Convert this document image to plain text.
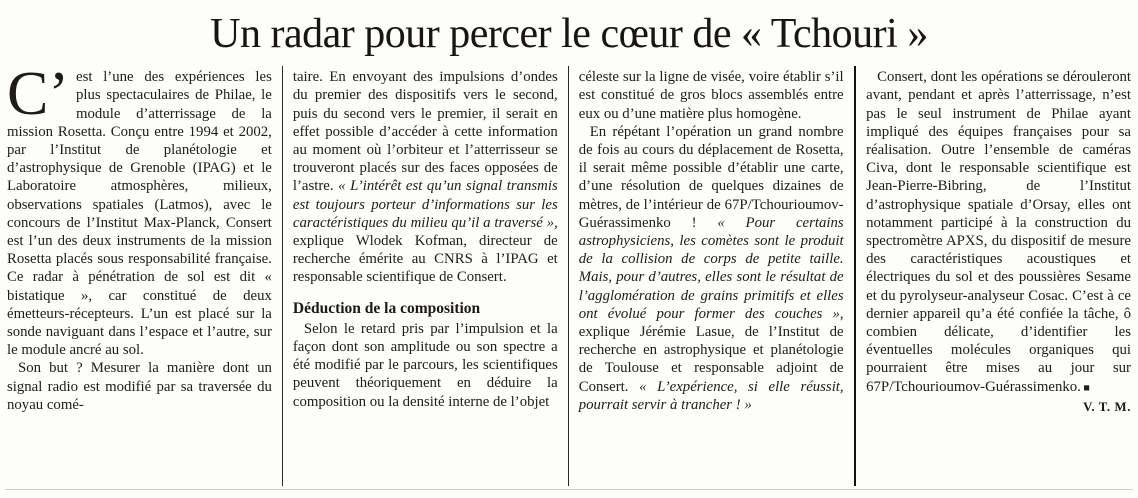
Un radar pour percer le cœur de « Tchouri »

C’ est l’une des expériences les plus spectaculaires de Philae, le module d’atterrissage de la mission Rosetta. Conçu entre 1994 et 2002, par l’Institut de planétologie et d’astrophysique de Grenoble (IPAG) et le Laboratoire atmosphères, milieux, observations spatiales (Latmos), avec le concours de l’Institut Max-Planck, Consert est l’un des deux instruments de la mission Rosetta placés sous responsabilité française. Ce radar à pénétration de sol est dit « bistatique », car constitué de deux émetteurs-récepteurs. L’un est placé sur la sonde naviguant dans l’espace et l’autre, sur le module ancré au sol.

Son but ? Mesurer la manière dont un signal radio est modifié par sa traversée du noyau comé-

taire. En envoyant des impulsions d’ondes du premier des dispositifs vers le second, puis du second vers le premier, il serait en effet possible d’accéder à cette information au moment où l’orbiteur et l’atterrisseur se trouveront placés sur des faces opposées de l’astre. « L’intérêt est qu’un signal transmis est toujours porteur d’informations sur les caractéristiques du milieu qu’il a traversé », explique Wlodek Kofman, directeur de recherche émérite au CNRS à l’IPAG et responsable scientifique de Consert.

Déduction de la composition

Selon le retard pris par l’impulsion et la façon dont son amplitude ou son spectre a été modifié par le parcours, les scientifiques peuvent théoriquement en déduire la composition ou la densité interne de l’objet

céleste sur la ligne de visée, voire établir s’il est constitué de gros blocs assemblés entre eux ou d’une matière plus homogène.

En répétant l’opération un grand nombre de fois au cours du déplacement de Rosetta, il serait même possible d’établir une carte, d’une résolution de quelques dizaines de mètres, de l’intérieur de 67P/Tchourioumov-Guérassimenko ! « Pour certains astrophysiciens, les comètes sont le produit de la collision de corps de petite taille. Mais, pour d’autres, elles sont le résultat de l’agglomération de grains primitifs et elles ont évolué pour former des couches », explique Jérémie Lasue, de l’Institut de recherche en astrophysique et planétologie de Toulouse et responsable adjoint de Consert. « L’expérience, si elle réussit, pourrait servir à trancher ! »

Consert, dont les opérations se dérouleront avant, pendant et après l’atterrissage, n’est pas le seul instrument de Philae ayant impliqué des équipes françaises pour sa réalisation. Outre l’ensemble de caméras Civa, dont le responsable scientifique est Jean-Pierre-Bibring, de l’Institut d’astrophysique spatiale d’Orsay, elles ont notamment participé à la construction du spectromètre APXS, du dispositif de mesure des caractéristiques acoustiques et électriques du sol et des poussières Sesame et du pyrolyseur-analyseur Cosac. C’est à ce dernier appareil qu’a été confiée la tâche, ô combien délicate, d’identifier les éventuelles molécules organiques qui pourraient être mises au jour sur 67P/Tchourioumov-Guérassimenko. ■

V. T. M.
